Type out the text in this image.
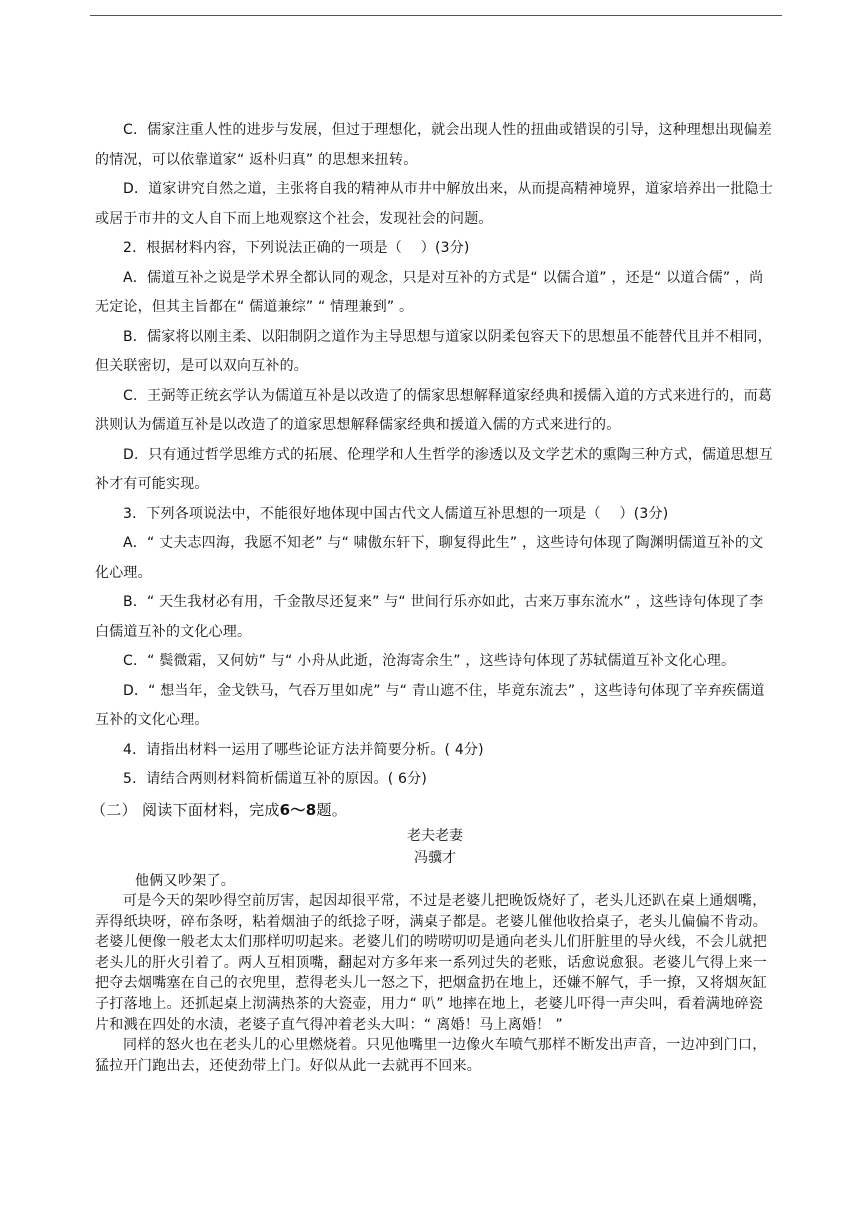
C．儒家注重人性的进步与发展，但过于理想化，就会出现人性的扭曲或错误的引导，这种理想出现偏差的情况，可以依靠道家“ 返朴归真” 的思想来扭转。

D．道家讲究自然之道，主张将自我的精神从市井中解放出来，从而提高精神境界，道家培养出一批隐士或居于市井的文人自下而上地观察这个社会，发现社会的问题。

2．根据材料内容，下列说法正确的一项是（　 ）(3分)

A．儒道互补之说是学术界全都认同的观念，只是对互补的方式是“ 以儒合道” ，还是“ 以道合儒” ，尚无定论，但其主旨都在“ 儒道兼综” “ 情理兼到” 。

B．儒家将以刚主柔、以阳制阴之道作为主导思想与道家以阴柔包容天下的思想虽不能替代且并不相同，但关联密切，是可以双向互补的。

C．王弼等正统玄学认为儒道互补是以改造了的儒家思想解释道家经典和援儒入道的方式来进行的，而葛洪则认为儒道互补是以改造了的道家思想解释儒家经典和援道入儒的方式来进行的。

D．只有通过哲学思维方式的拓展、伦理学和人生哲学的渗透以及文学艺术的熏陶三种方式，儒道思想互补才有可能实现。

3．下列各项说法中，不能很好地体现中国古代文人儒道互补思想的一项是（　 ）(3分)

A．“ 丈夫志四海，我愿不知老” 与“ 啸傲东轩下，聊复得此生” ，这些诗句体现了陶渊明儒道互补的文化心理。

B．“ 天生我材必有用，千金散尽还复来” 与“ 世间行乐亦如此，古来万事东流水” ，这些诗句体现了李白儒道互补的文化心理。

C．“ 鬓微霜，又何妨” 与“ 小舟从此逝，沧海寄余生” ，这些诗句体现了苏轼儒道互补文化心理。

D．“ 想当年，金戈铁马，气吞万里如虎” 与“ 青山遮不住，毕竟东流去” ，这些诗句体现了辛弃疾儒道互补的文化心理。

4．请指出材料一运用了哪些论证方法并简要分析。( 4分)

5．请结合两则材料简析儒道互补的原因。( 6分)

（二） 阅读下面材料，完成6～8题。

老夫老妻

冯骥才

他俩又吵架了。

可是今天的架吵得空前厉害，起因却很平常，不过是老婆儿把晚饭烧好了，老头儿还趴在桌上通烟嘴，弄得纸块呀，碎布条呀，粘着烟油子的纸捻子呀，满桌子都是。老婆儿催他收拾桌子，老头儿偏偏不肯动。老婆儿便像一般老太太们那样叨叨起来。老婆儿们的唠唠叨叨是通向老头儿们肝脏里的导火线，不会儿就把老头儿的肝火引着了。两人互相顶嘴，翻起对方多年来一系列过失的老账，话愈说愈狠。老婆儿气得上来一把夺去烟嘴塞在自己的衣兜里，惹得老头儿一怒之下，把烟盒扔在地上，还嫌不解气，手一撩，又将烟灰缸子打落地上。还抓起桌上沏满热茶的大瓷壶，用力“ 叭” 地摔在地上，老婆儿吓得一声尖叫，看着满地碎瓷片和溅在四处的水渍，老婆子直气得冲着老头大叫：“ 离婚！马上离婚！ ”

同样的怒火也在老头儿的心里燃烧着。只见他嘴里一边像火车喷气那样不断发出声音，一边冲到门口，猛拉开门跑出去，还使劲带上门。好似从此一去就再不回来。
